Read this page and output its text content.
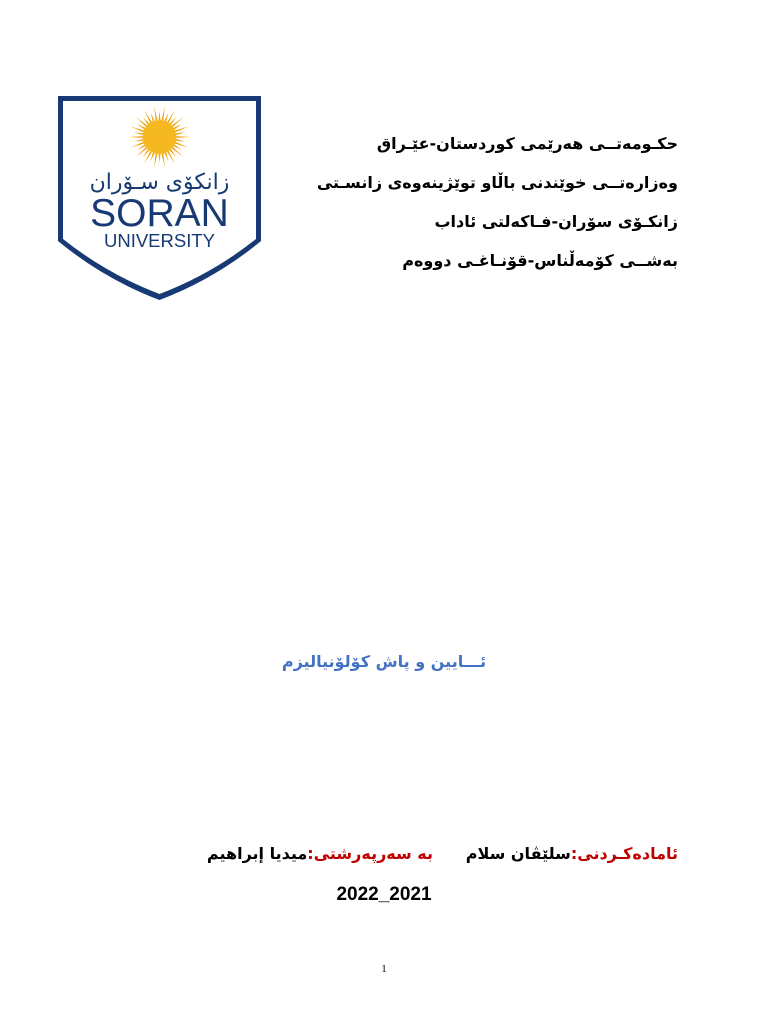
زانکۆی سـۆران
SORAN
UNIVERSITY
حکـومەتــی هەرێمی کوردستان-عێـراق
وەزارەتــی خوێندنی باڵاو توێژینەوەی زانسـتی
زانکـۆی سۆران-فـاکەلتی ئاداب
بەشــی کۆمەڵناس-قۆنـاغـی دووەم
ئـــایین و پاش کۆلۆنیالیزم
ئامادەکـردنی:سلێڤان سلام
بە سەرپەرشتی:میدیا إبراهیم
2022_2021
1
